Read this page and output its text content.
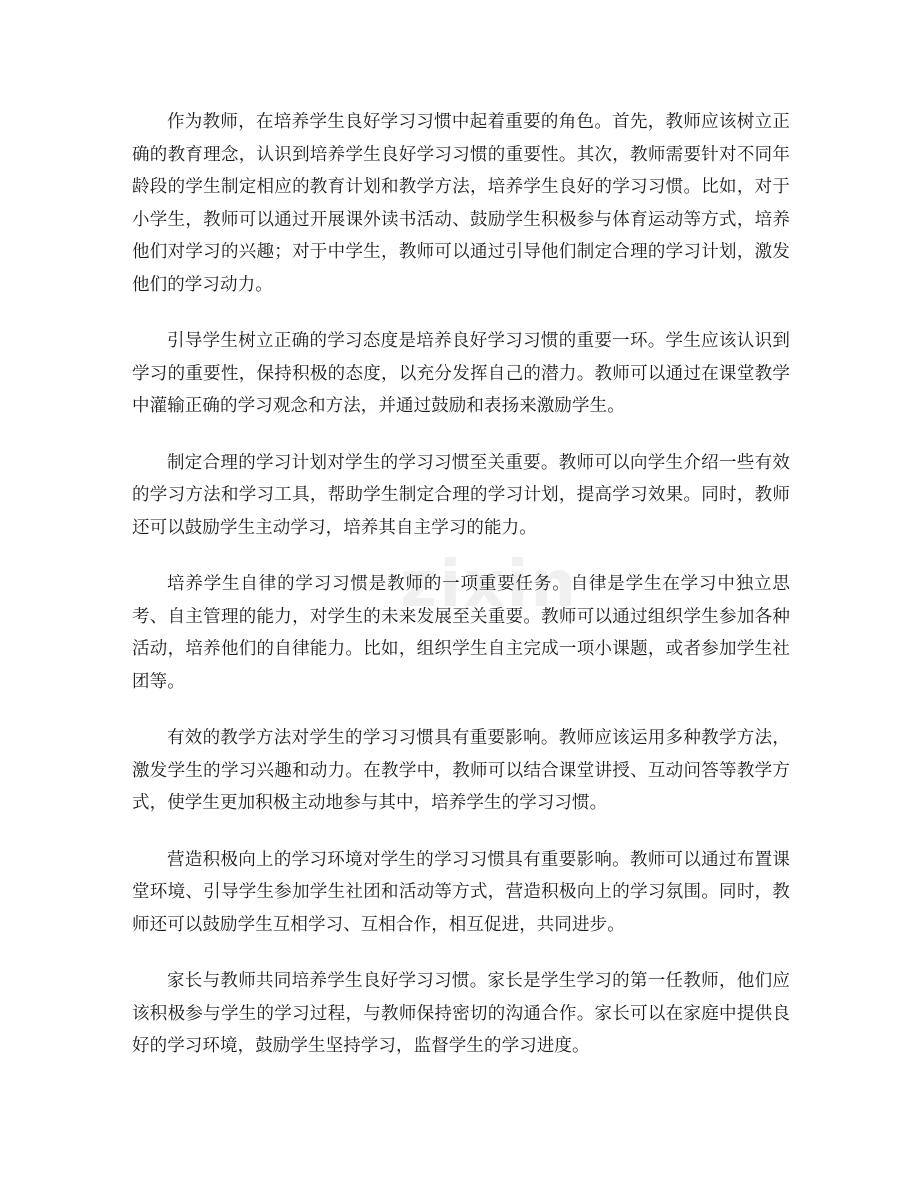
zixin

作为教师，在培养学生良好学习习惯中起着重要的角色。首先，教师应该树立正确的教育理念，认识到培养学生良好学习习惯的重要性。其次，教师需要针对不同年龄段的学生制定相应的教育计划和教学方法，培养学生良好的学习习惯。比如，对于小学生，教师可以通过开展课外读书活动、鼓励学生积极参与体育运动等方式，培养他们对学习的兴趣；对于中学生，教师可以通过引导他们制定合理的学习计划，激发他们的学习动力。

引导学生树立正确的学习态度是培养良好学习习惯的重要一环。学生应该认识到学习的重要性，保持积极的态度，以充分发挥自己的潜力。教师可以通过在课堂教学中灌输正确的学习观念和方法，并通过鼓励和表扬来激励学生。

制定合理的学习计划对学生的学习习惯至关重要。教师可以向学生介绍一些有效的学习方法和学习工具，帮助学生制定合理的学习计划，提高学习效果。同时，教师还可以鼓励学生主动学习，培养其自主学习的能力。

培养学生自律的学习习惯是教师的一项重要任务。自律是学生在学习中独立思考、自主管理的能力，对学生的未来发展至关重要。教师可以通过组织学生参加各种活动，培养他们的自律能力。比如，组织学生自主完成一项小课题，或者参加学生社团等。

有效的教学方法对学生的学习习惯具有重要影响。教师应该运用多种教学方法，激发学生的学习兴趣和动力。在教学中，教师可以结合课堂讲授、互动问答等教学方式，使学生更加积极主动地参与其中，培养学生的学习习惯。

营造积极向上的学习环境对学生的学习习惯具有重要影响。教师可以通过布置课堂环境、引导学生参加学生社团和活动等方式，营造积极向上的学习氛围。同时，教师还可以鼓励学生互相学习、互相合作，相互促进，共同进步。

家长与教师共同培养学生良好学习习惯。家长是学生学习的第一任教师，他们应该积极参与学生的学习过程，与教师保持密切的沟通合作。家长可以在家庭中提供良好的学习环境，鼓励学生坚持学习，监督学生的学习进度。
